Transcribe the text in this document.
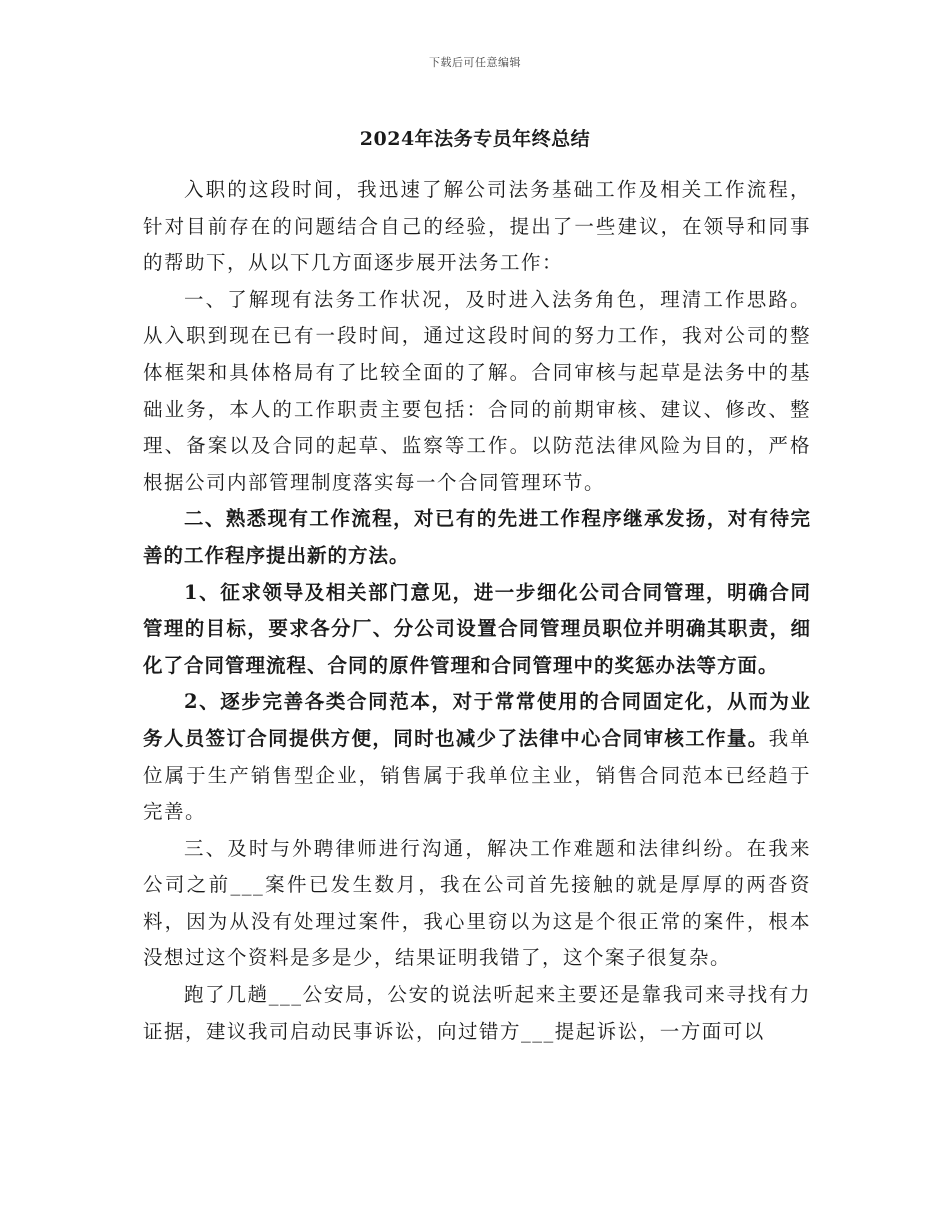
下载后可任意编辑
2024年法务专员年终总结

入职的这段时间，我迅速了解公司法务基础工作及相关工作流程，针对目前存在的问题结合自己的经验，提出了一些建议，在领导和同事的帮助下，从以下几方面逐步展开法务工作：

一、了解现有法务工作状况，及时进入法务角色，理清工作思路。从入职到现在已有一段时间，通过这段时间的努力工作，我对公司的整体框架和具体格局有了比较全面的了解。合同审核与起草是法务中的基础业务，本人的工作职责主要包括：合同的前期审核、建议、修改、整理、备案以及合同的起草、监察等工作。以防范法律风险为目的，严格根据公司内部管理制度落实每一个合同管理环节。

二、熟悉现有工作流程，对已有的先进工作程序继承发扬，对有待完善的工作程序提出新的方法。

1、征求领导及相关部门意见，进一步细化公司合同管理，明确合同管理的目标，要求各分厂、分公司设置合同管理员职位并明确其职责，细化了合同管理流程、合同的原件管理和合同管理中的奖惩办法等方面。

2、逐步完善各类合同范本，对于常常使用的合同固定化，从而为业务人员签订合同提供方便，同时也减少了法律中心合同审核工作量。我单位属于生产销售型企业，销售属于我单位主业，销售合同范本已经趋于完善。

三、及时与外聘律师进行沟通，解决工作难题和法律纠纷。在我来公司之前___案件已发生数月，我在公司首先接触的就是厚厚的两沓资料，因为从没有处理过案件，我心里窃以为这是个很正常的案件，根本没想过这个资料是多是少，结果证明我错了，这个案子很复杂。

跑了几趟___公安局，公安的说法听起来主要还是靠我司来寻找有力证据，建议我司启动民事诉讼，向过错方___提起诉讼，一方面可以
